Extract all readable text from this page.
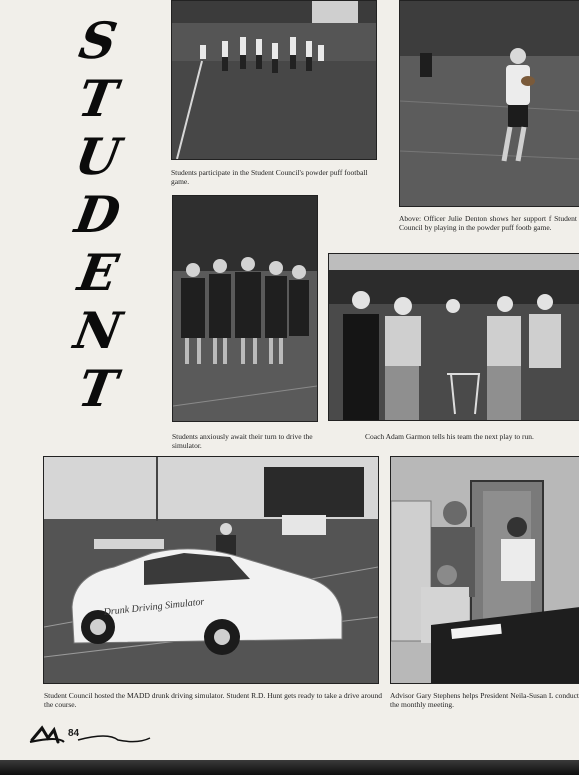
S
T
U
D
E
N
T
Students participate in the Student Council's powder puff football game.
Above: Officer Julie Denton shows her support f Student Council by playing in the powder puff footb game.
Students anxiously await their turn to drive the simulator.
Coach Adam Garmon tells his team the next play to run.
Drunk Driving Simulator
Student Council hosted the MADD drunk driving simulator. Student R.D. Hunt gets ready to take a drive around the course.
Advisor Gary Stephens helps President Neila-Susan L conduct the monthly meeting.
84
